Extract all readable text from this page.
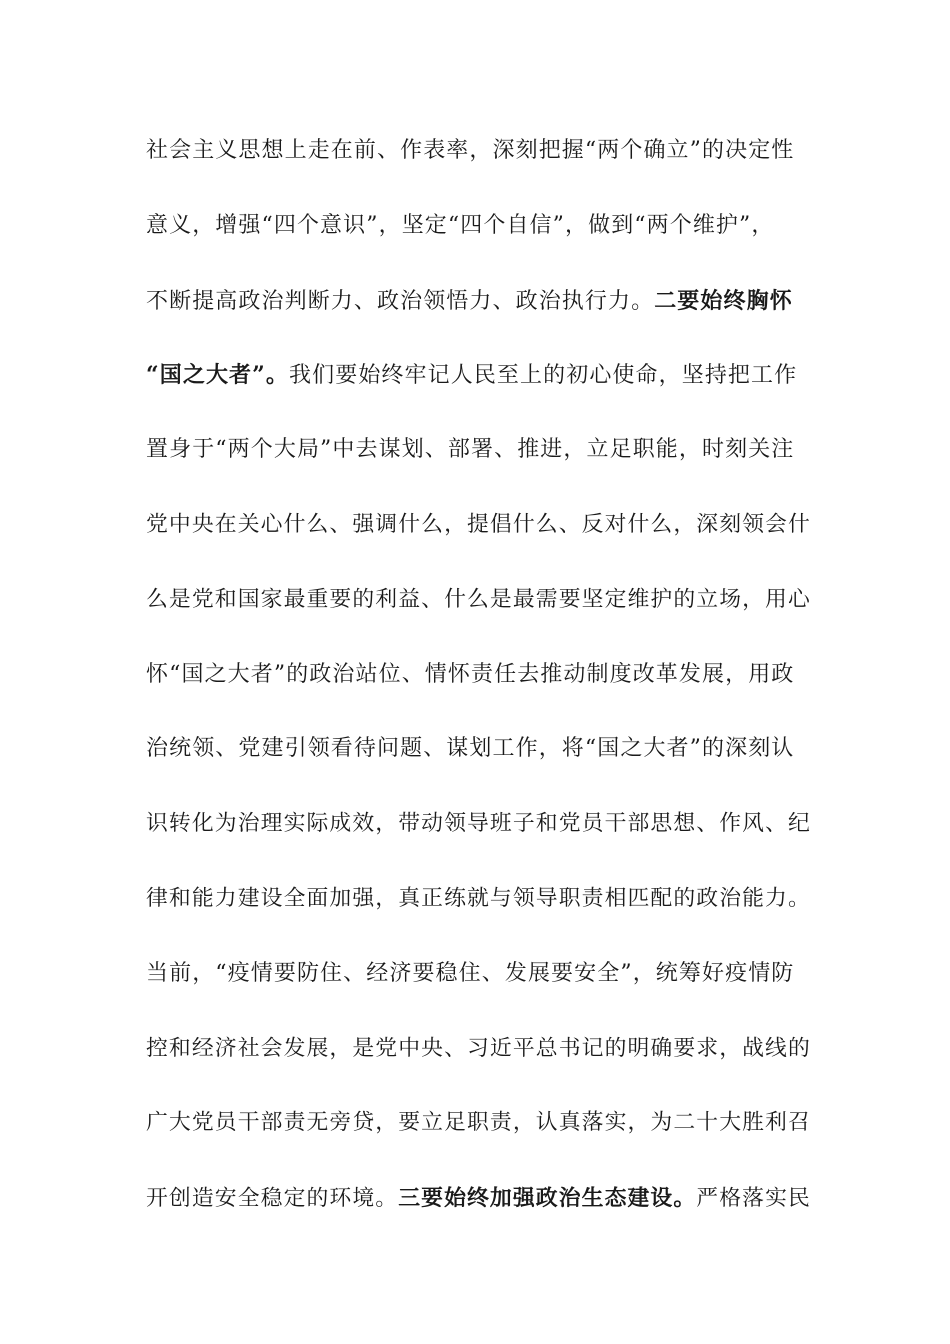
社会主义思想上走在前、作表率，深刻把握“两个确立”的决定性
意义，增强“四个意识”，坚定“四个自信”，做到“两个维护”，
不断提高政治判断力、政治领悟力、政治执行力。二要始终胸怀
“国之大者”。我们要始终牢记人民至上的初心使命，坚持把工作
置身于“两个大局”中去谋划、部署、推进，立足职能，时刻关注
党中央在关心什么、强调什么，提倡什么、反对什么，深刻领会什
么是党和国家最重要的利益、什么是最需要坚定维护的立场，用心
怀“国之大者”的政治站位、情怀责任去推动制度改革发展，用政
治统领、党建引领看待问题、谋划工作，将“国之大者”的深刻认
识转化为治理实际成效，带动领导班子和党员干部思想、作风、纪
律和能力建设全面加强，真正练就与领导职责相匹配的政治能力。
当前，“疫情要防住、经济要稳住、发展要安全”，统筹好疫情防
控和经济社会发展，是党中央、习近平总书记的明确要求，战线的
广大党员干部责无旁贷，要立足职责，认真落实，为二十大胜利召
开创造安全稳定的环境。三要始终加强政治生态建设。严格落实民
